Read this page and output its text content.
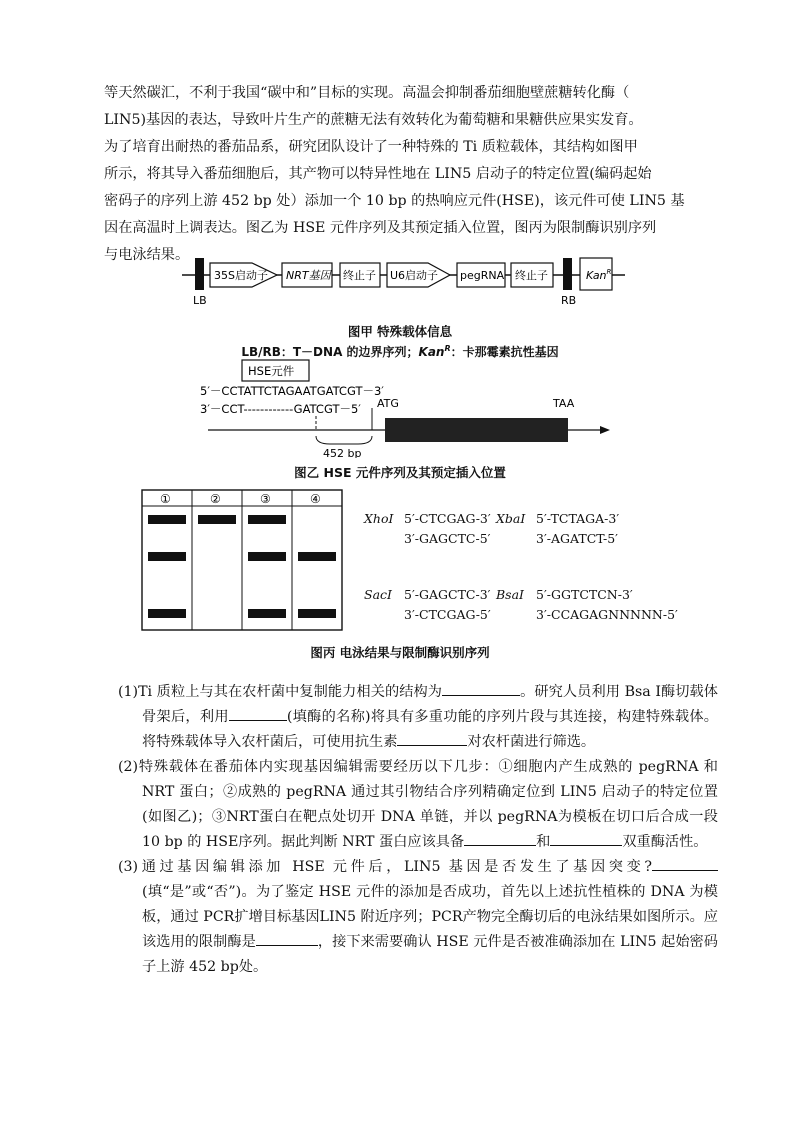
等天然碳汇，不利于我国“碳中和”目标的实现。高温会抑制番茄细胞壁蔗糖转化酶（

LIN5)基因的表达，导致叶片生产的蔗糖无法有效转化为葡萄糖和果糖供应果实发育。

为了培育出耐热的番茄品系，研究团队设计了一种特殊的 Ti 质粒载体，其结构如图甲

所示，将其导入番茄细胞后，其产物可以特异性地在 LIN5 启动子的特定位置(编码起始

密码子的序列上游 452 bp 处）添加一个 10 bp 的热响应元件(HSE)，该元件可使 LIN5 基

因在高温时上调表达。图乙为 HSE 元件序列及其预定插入位置，图丙为限制酶识别序列

与电泳结果。

LB
35S启动子 NRT基因 终止子 U6启动子 pegRNA 终止子
RB
Kan$^R$
图甲 特殊载体信息
LB/RB：T－DNA 的边界序列；Kan$^R$：卡那霉素抗性基因
HSE元件
5′－CCTATTCTAGAATGATCGT－3′
3′－CCT------------GATCGT－5′ ATG	TAA
452 bp
图乙 HSE 元件序列及其预定插入位置
①	②	③	④
XhoⅠ 5′-CTCGAG-3′
3′-GAGCTC-5′
XbaⅠ 5′-TCTAGA-3′
3′-AGATCT-5′
SacⅠ 5′-GAGCTC-3′
3′-CTCGAG-5′
BsaⅠ 5′-GGTCTCN-3′
3′-CCAGAGNNNNN-5′
图丙 电泳结果与限制酶识别序列

(1)Ti 质粒上与其在农杆菌中复制能力相关的结构为	。研究人员利用 Bsa Ⅰ酶切载体骨架后，利用	(填酶的名称)将具有多重功能的序列片段与其连接，构建特殊载体。将特殊载体导入农杆菌后，可使用抗生素	对农杆菌进行筛选。

(2)特殊载体在番茄体内实现基因编辑需要经历以下几步：①细胞内产生成熟的 pegRNA 和 NRT 蛋白；②成熟的 pegRNA 通过其引物结合序列精确定位到 LIN5 启动子的特定位置(如图乙)；③NRT蛋白在靶点处切开 DNA 单链，并以 pegRNA为模板在切口后合成一段 10 bp 的 HSE序列。据此判断 NRT 蛋白应该具备	和	双重酶活性。

(3)通过基因编辑添加 HSE 元件后，LIN5 基因是否发生了基因突变?(填“是”或“否”)。为了鉴定 HSE 元件的添加是否成功，首先以上述抗性植株的 DNA 为模板，通过 PCR扩增目标基因LIN5 附近序列；PCR产物完全酶切后的电泳结果如图所示。应该选用的限制酶是	，接下来需要确认 HSE 元件是否被准确添加在 LIN5 起始密码子上游 452 bp处。
